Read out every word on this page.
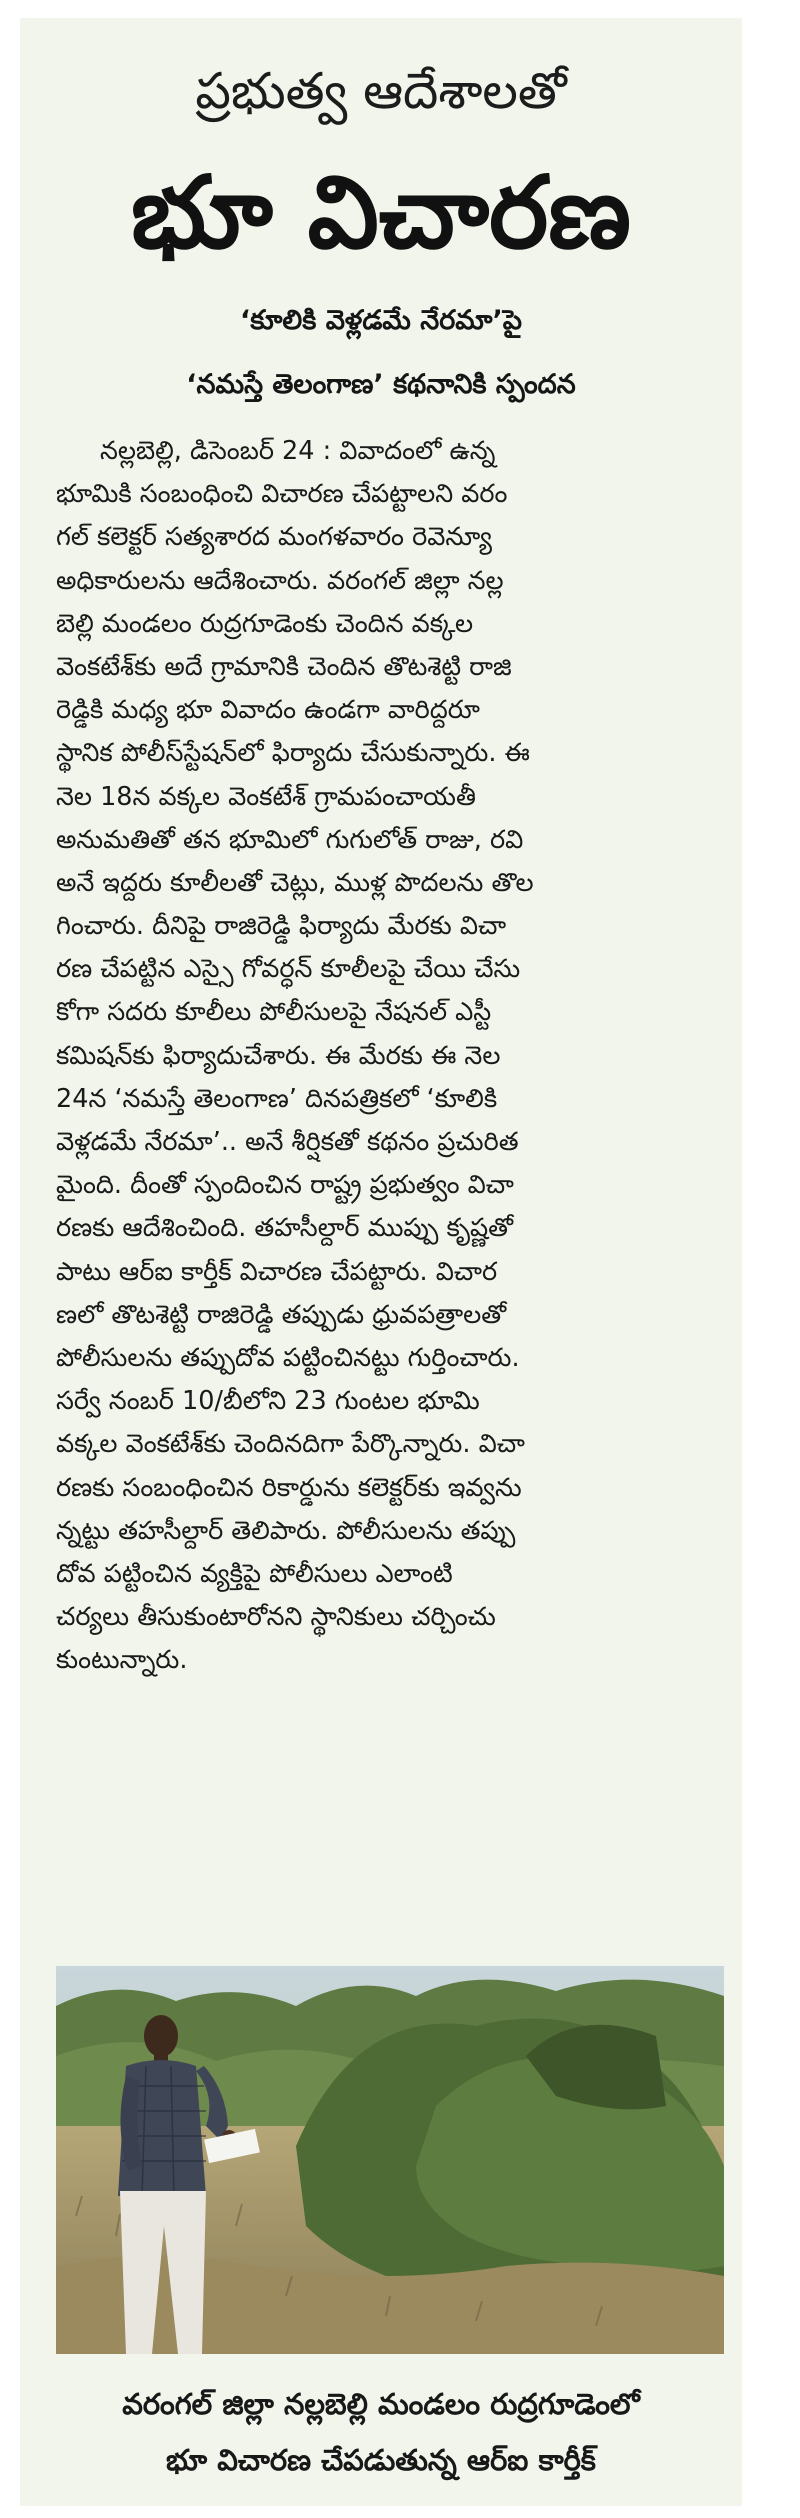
ప్రభుత్వ ఆదేశాలతో
భూ విచారణ
‘కూలికి వెళ్లడమే నేరమా’పై
‘నమస్తే తెలంగాణ’ కథనానికి స్పందన
నల్లబెల్లి, డిసెంబర్ 24 : వివాదంలో ఉన్న
భూమికి సంబంధించి విచారణ చేపట్టాలని వరం
గల్ కలెక్టర్ సత్యశారద మంగళవారం రెవెన్యూ
అధికారులను ఆదేశించారు. వరంగల్ జిల్లా నల్ల
బెల్లి మండలం రుద్రగూడెంకు చెందిన వక్కల
వెంకటేశ్‌కు అదే గ్రామానికి చెందిన తొటశెట్టి రాజి
రెడ్డికి మధ్య భూ వివాదం ఉండగా వారిద్దరూ
స్థానిక పోలీస్‌స్టేషన్‌లో ఫిర్యాదు చేసుకున్నారు. ఈ
నెల 18న వక్కల వెంకటేశ్ గ్రామపంచాయతీ
అనుమతితో తన భూమిలో గుగులోత్ రాజు, రవి
అనే ఇద్దరు కూలీలతో చెట్లు, ముళ్ల పొదలను తొల
గించారు. దీనిపై రాజిరెడ్డి ఫిర్యాదు మేరకు విచా
రణ చేపట్టిన ఎస్సై గోవర్ధన్ కూలీలపై చేయి చేసు
కోగా సదరు కూలీలు పోలీసులపై నేషనల్ ఎస్టీ
కమిషన్‌కు ఫిర్యాదుచేశారు. ఈ మేరకు ఈ నెల
24న ‘నమస్తే తెలంగాణ’ దినపత్రికలో ‘కూలికి
వెళ్లడమే నేరమా’.. అనే శీర్షికతో కథనం ప్రచురిత
మైంది. దీంతో స్పందించిన రాష్ట్ర ప్రభుత్వం విచా
రణకు ఆదేశించింది. తహసీల్దార్ ముప్పు కృష్ణతో
పాటు ఆర్ఐ కార్తీక్ విచారణ చేపట్టారు. విచార
ణలో తొటశెట్టి రాజిరెడ్డి తప్పుడు ధ్రువపత్రాలతో
పోలీసులను తప్పుదోవ పట్టించినట్టు గుర్తించారు.
సర్వే నంబర్ 10/బీలోని 23 గుంటల భూమి
వక్కల వెంకటేశ్‌కు చెందినదిగా పేర్కొన్నారు. విచా
రణకు సంబంధించిన రికార్డును కలెక్టర్‌కు ఇవ్వను
న్నట్టు తహసీల్దార్ తెలిపారు. పోలీసులను తప్పు
దోవ పట్టించిన వ్యక్తిపై పోలీసులు ఎలాంటి
చర్యలు తీసుకుంటారోనని స్థానికులు చర్చించు
కుంటున్నారు.
వరంగల్ జిల్లా నల్లబెల్లి మండలం రుద్రగూడెంలో
భూ విచారణ చేపడుతున్న ఆర్ఐ కార్తీక్
